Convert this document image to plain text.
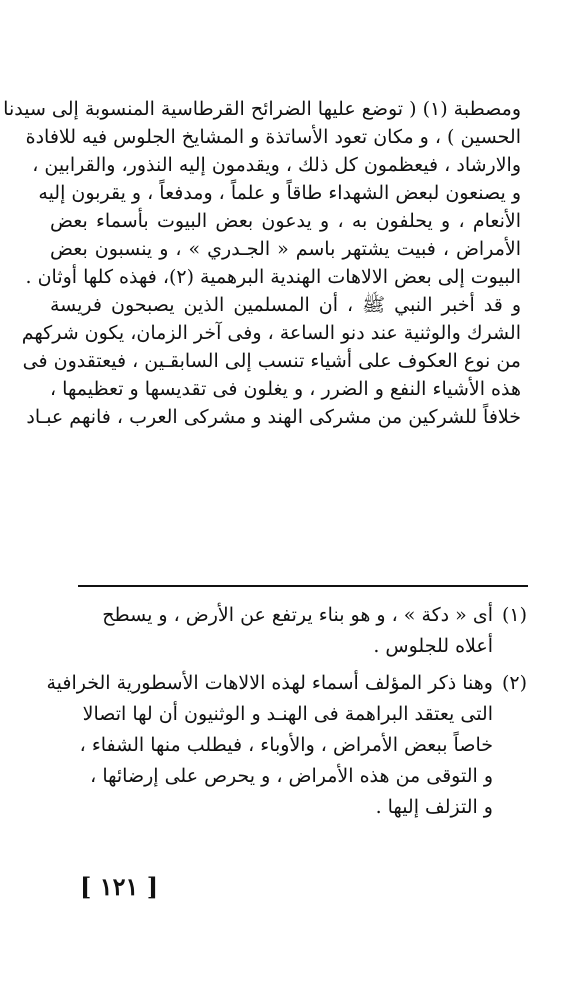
ومصطبة (١) ( توضع عليها الضرائح القرطاسية المنسوبة إلى سيدنا
الحسين ) ، و مكان تعود الأساتذة و المشايخ الجلوس فيه للافادة
والارشاد ، فيعظمون كل ذلك ، ويقدمون إليه النذور، والقرابين ،
و يصنعون لبعض الشهداء طاقاً و علماً ، ومدفعاً ، و يقربون إليه
الأنعام ، و يحلفون به ، و يدعون بعض البيوت بأسماء بعض
الأمراض ، فبيت يشتهر باسم « الجـدري » ، و ينسبون بعض
البيوت إلى بعض الالاهات الهندية البرهمية (٢)، فهذه كلها أوثان .
و قد أخبر النبي ﷺ ، أن المسلمين الذين يصبحون فريسة
الشرك والوثنية عند دنو الساعة ، وفى آخر الزمان، يكون شركهم
من نوع العكوف على أشياء تنسب إلى السابقـين ، فيعتقدون فى
هذه الأشياء النفع و الضرر ، و يغلون فى تقديسها و تعظيمها ،
خلافاً للشركين من مشركى الهند و مشركى العرب ، فانهم عبـاد
(١)
أى « دكة » ، و هو بناء يرتفع عن الأرض ، و يسطح
أعلاه للجلوس .
(٢)
وهنا ذكر المؤلف أسماء لهذه الالاهات الأسطورية الخرافية
التى يعتقد البراهمة فى الهنـد و الوثنيون أن لها اتصالا
خاصاً ببعض الأمراض ، والأوباء ، فيطلب منها الشفاء ،
و التوقى من هذه الأمراض ، و يحرص على إرضائها ،
و التزلف إليها .
[ ١٢١ ]
